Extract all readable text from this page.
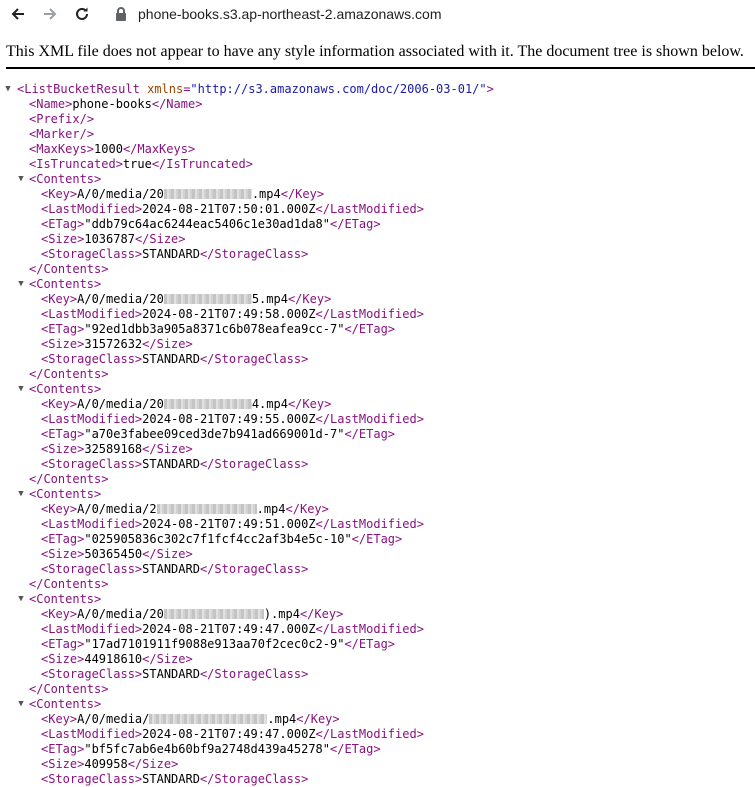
phone-books.s3.ap-northeast-2.amazonaws.com
This XML file does not appear to have any style information associated with it. The document tree is shown below.
▼ <ListBucketResult xmlns="http://s3.amazonaws.com/doc/2006-03-01/">
<Name>phone-books</Name>
<Prefix/>
<Marker/>
<MaxKeys>1000</MaxKeys>
<IsTruncated>true</IsTruncated>
▼ <Contents>
<Key>A/0/media/20	.mp4</Key>
<LastModified>2024-08-21T07:50:01.000Z</LastModified>
<ETag>"ddb79c64ac6244eac5406c1e30ad1da8"</ETag>
<Size>1036787</Size>
<StorageClass>STANDARD</StorageClass>
</Contents>
▼ <Contents>
<Key>A/0/media/20	5.mp4</Key>
<LastModified>2024-08-21T07:49:58.000Z</LastModified>
<ETag>"92ed1dbb3a905a8371c6b078eafea9cc-7"</ETag>
<Size>31572632</Size>
<StorageClass>STANDARD</StorageClass>
</Contents>
▼ <Contents>
<Key>A/0/media/20	4.mp4</Key>
<LastModified>2024-08-21T07:49:55.000Z</LastModified>
<ETag>"a70e3fabee09ced3de7b941ad669001d-7"</ETag>
<Size>32589168</Size>
<StorageClass>STANDARD</StorageClass>
</Contents>
▼ <Contents>
<Key>A/0/media/2	.mp4</Key>
<LastModified>2024-08-21T07:49:51.000Z</LastModified>
<ETag>"025905836c302c7f1fcf4cc2af3b4e5c-10"</ETag>
<Size>50365450</Size>
<StorageClass>STANDARD</StorageClass>
</Contents>
▼ <Contents>
<Key>A/0/media/20	).mp4</Key>
<LastModified>2024-08-21T07:49:47.000Z</LastModified>
<ETag>"17ad7101911f9088e913aa70f2cec0c2-9"</ETag>
<Size>44918610</Size>
<StorageClass>STANDARD</StorageClass>
</Contents>
▼ <Contents>
<Key>A/0/media/	.mp4</Key>
<LastModified>2024-08-21T07:49:47.000Z</LastModified>
<ETag>"bf5fc7ab6e4b60bf9a2748d439a45278"</ETag>
<Size>409958</Size>
<StorageClass>STANDARD</StorageClass>
